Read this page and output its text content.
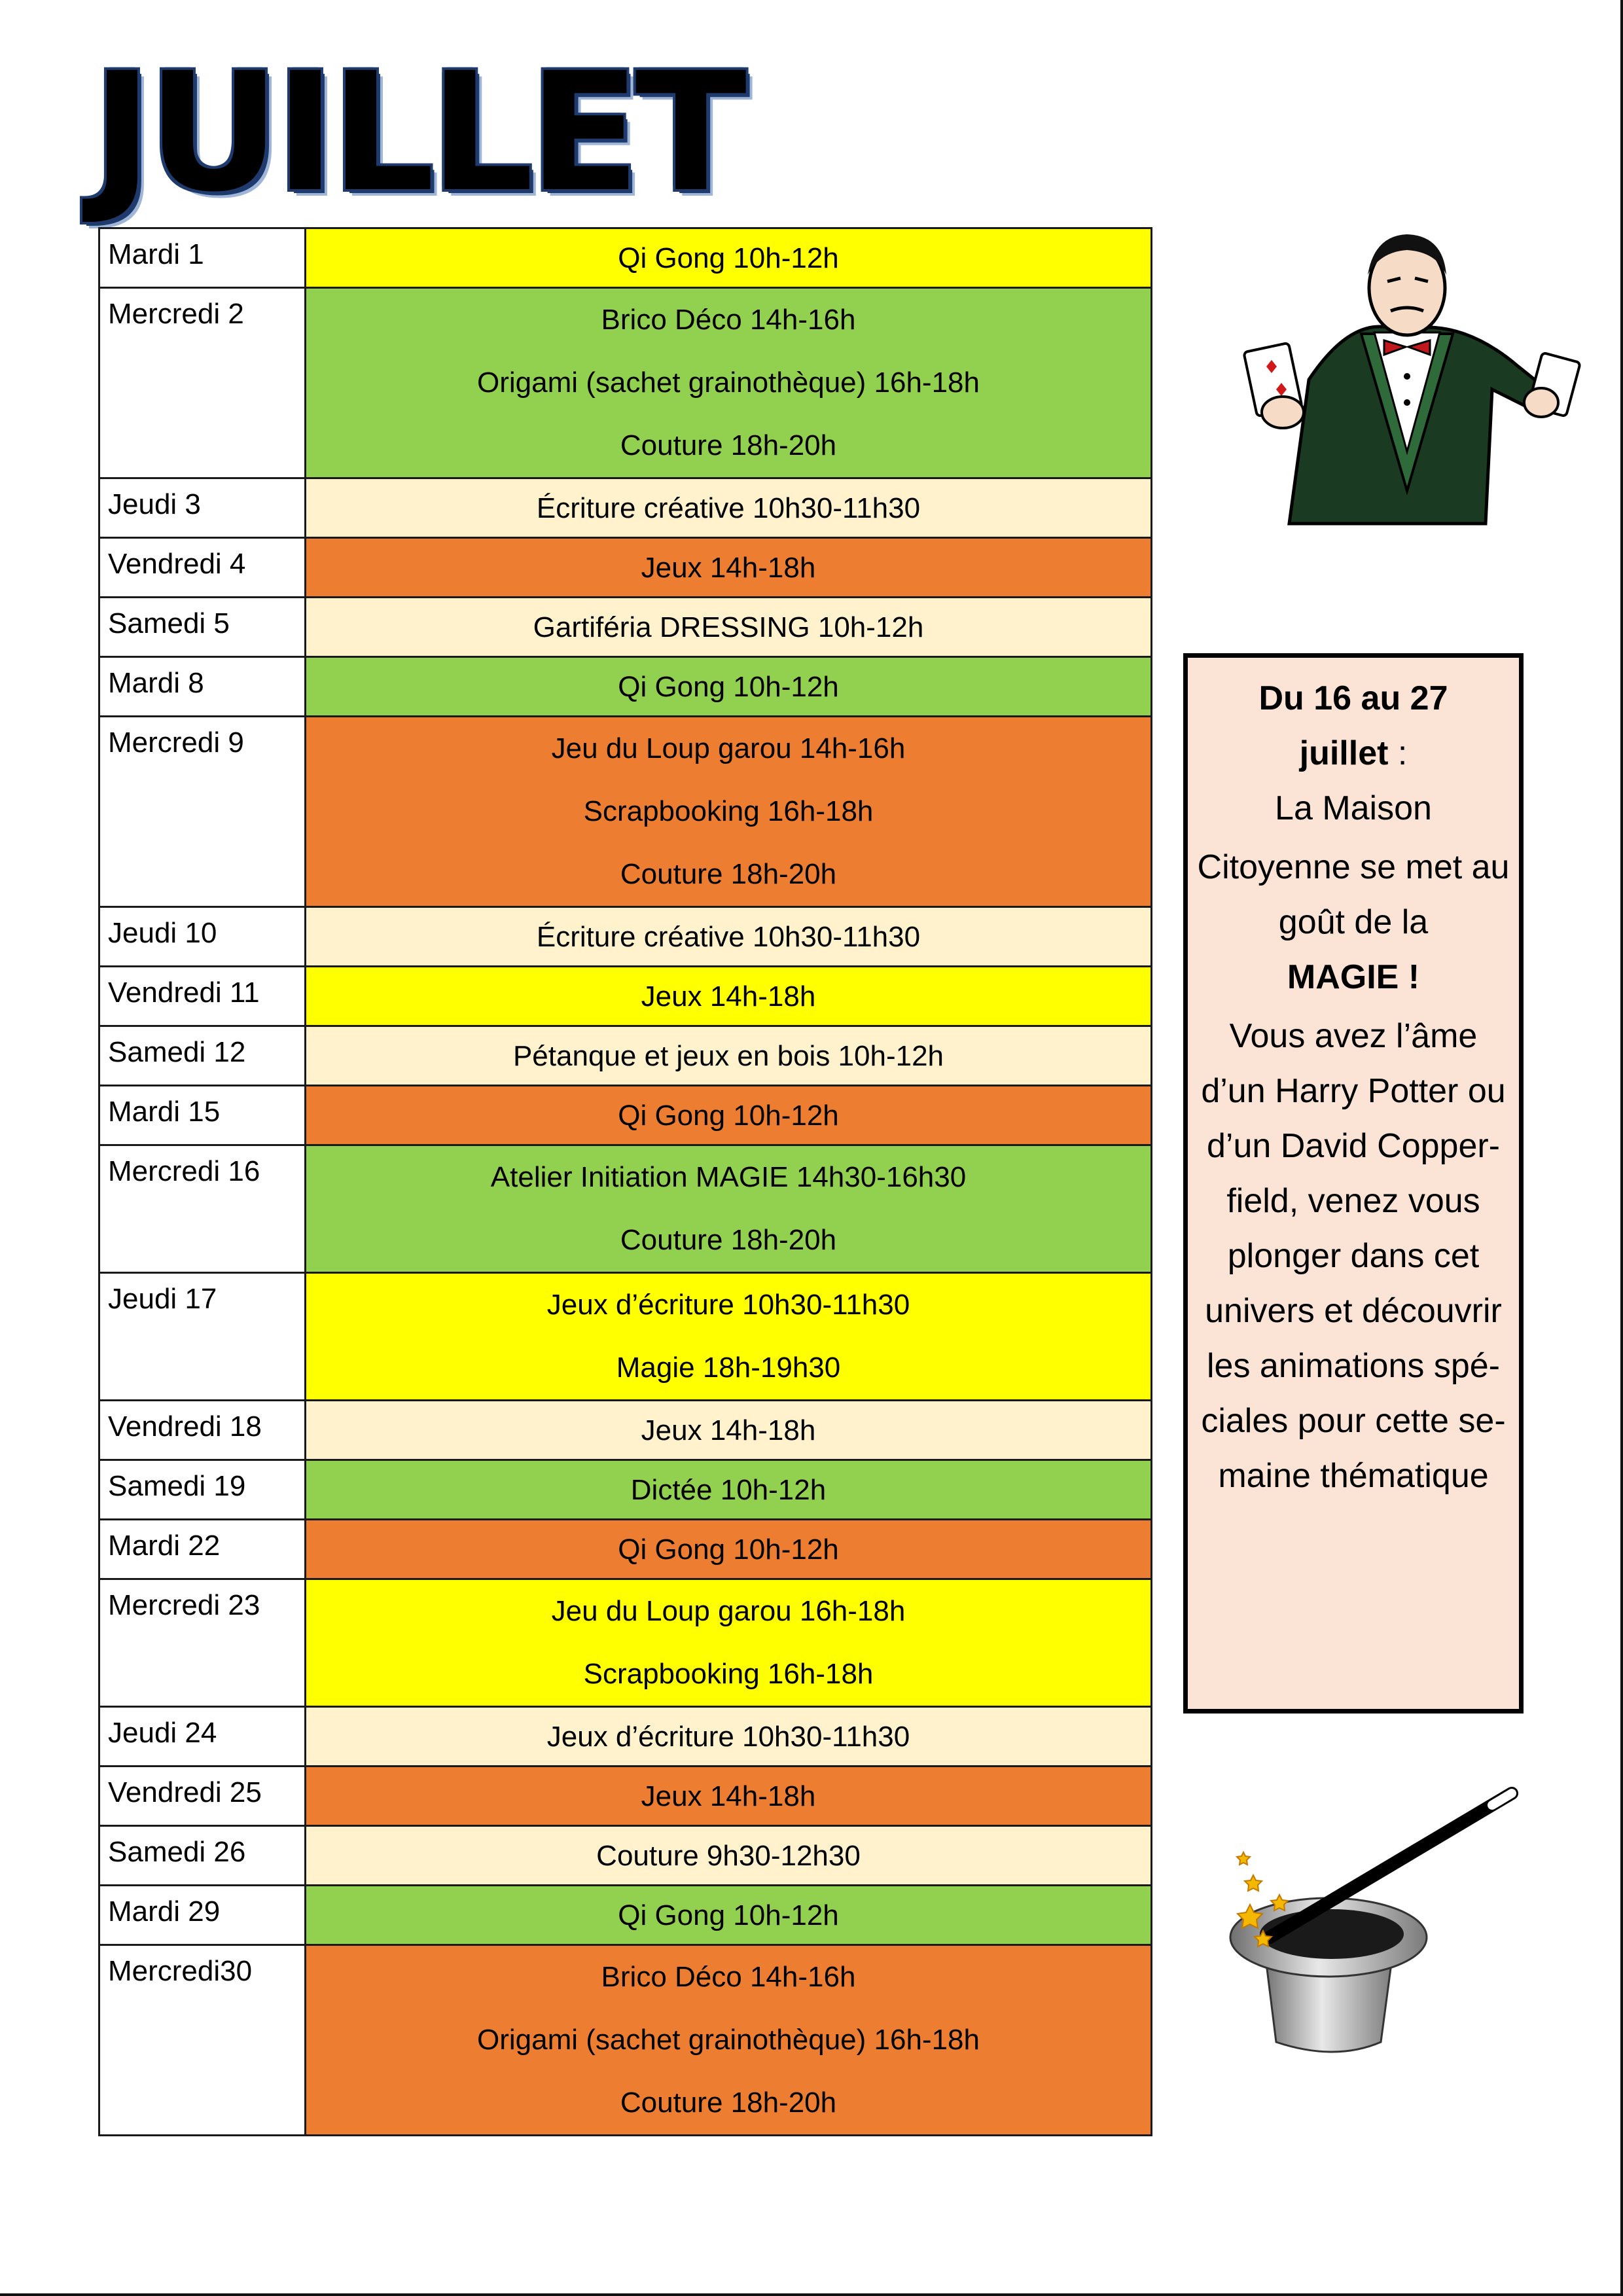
JUILLET
Mardi 1	Qi Gong 10h-12h

Mercredi 2	Brico Déco 14h-16h
Origami (sachet grainothèque) 16h-18h
Couture 18h-20h

Jeudi 3	Écriture créative 10h30-11h30

Vendredi 4	Jeux 14h-18h

Samedi 5	Gartiféria DRESSING 10h-12h

Mardi 8	Qi Gong 10h-12h

Mercredi 9	Jeu du Loup garou 14h-16h
Scrapbooking 16h-18h
Couture 18h-20h

Jeudi 10	Écriture créative 10h30-11h30

Vendredi 11	Jeux 14h-18h

Samedi 12	Pétanque et jeux en bois 10h-12h

Mardi 15	Qi Gong 10h-12h

Mercredi 16	Atelier Initiation MAGIE 14h30-16h30
Couture 18h-20h

Jeudi 17	Jeux d’écriture 10h30-11h30
Magie 18h-19h30

Vendredi 18	Jeux 14h-18h

Samedi 19	Dictée 10h-12h

Mardi 22	Qi Gong 10h-12h

Mercredi 23	Jeu du Loup garou 16h-18h
Scrapbooking 16h-18h

Jeudi 24	Jeux d’écriture 10h30-11h30

Vendredi 25	Jeux 14h-18h

Samedi 26	Couture 9h30-12h30

Mardi 29	Qi Gong 10h-12h

Mercredi30	Brico Déco 14h-16h
Origami (sachet grainothèque) 16h-18h
Couture 18h-20h

Du 16 au 27

juillet :

La Maison

Citoyenne se met au goût de la

MAGIE !

Vous avez l’âme d’un Harry Potter ou d’un David Copper-field, venez vous plonger dans cet univers et découvrir les animations spé-ciales pour cette se-maine thématique
